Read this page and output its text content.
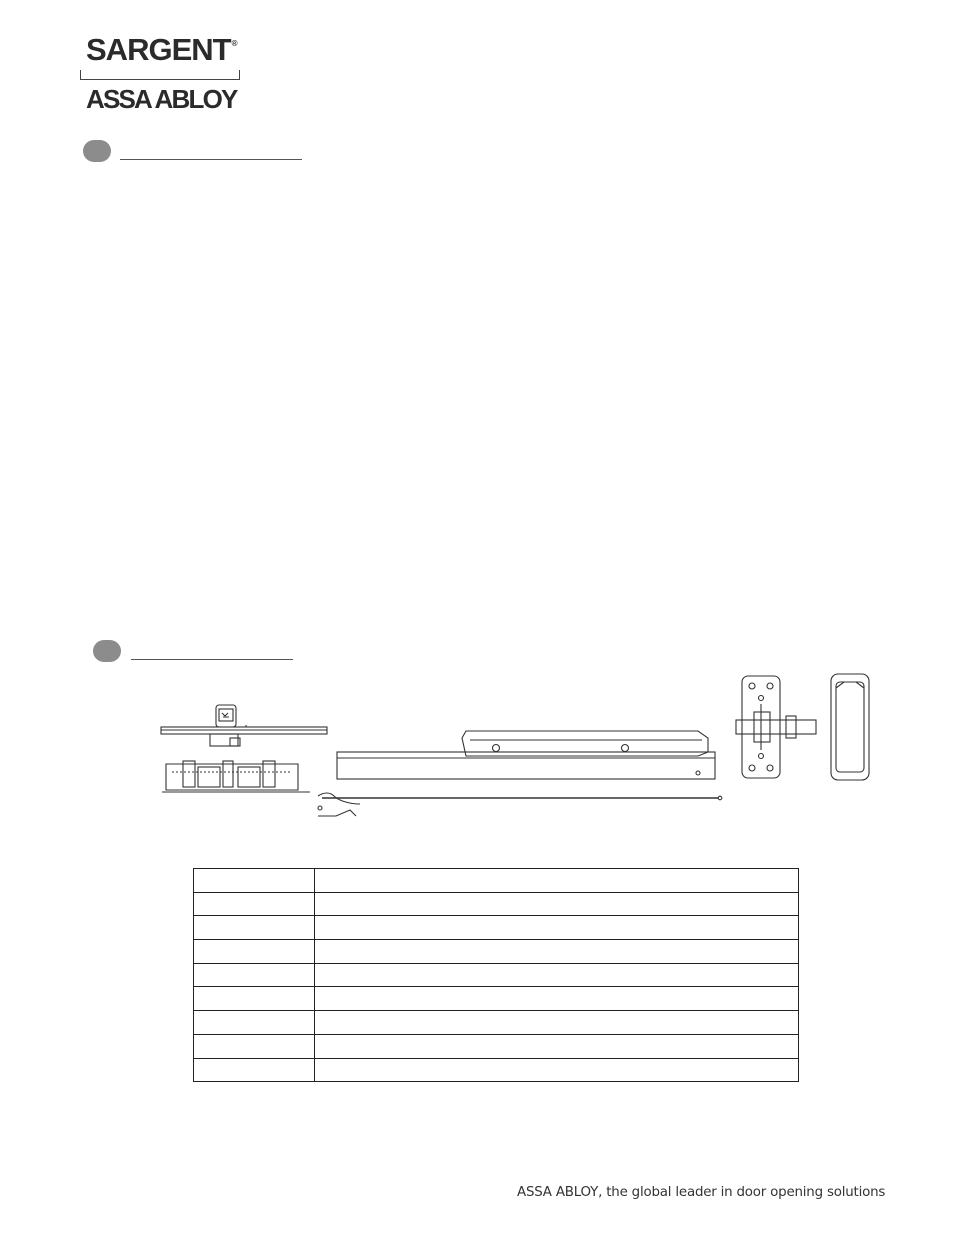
SARGENT®
ASSA ABLOY

ASSA ABLOY, the global leader in door opening solutions
